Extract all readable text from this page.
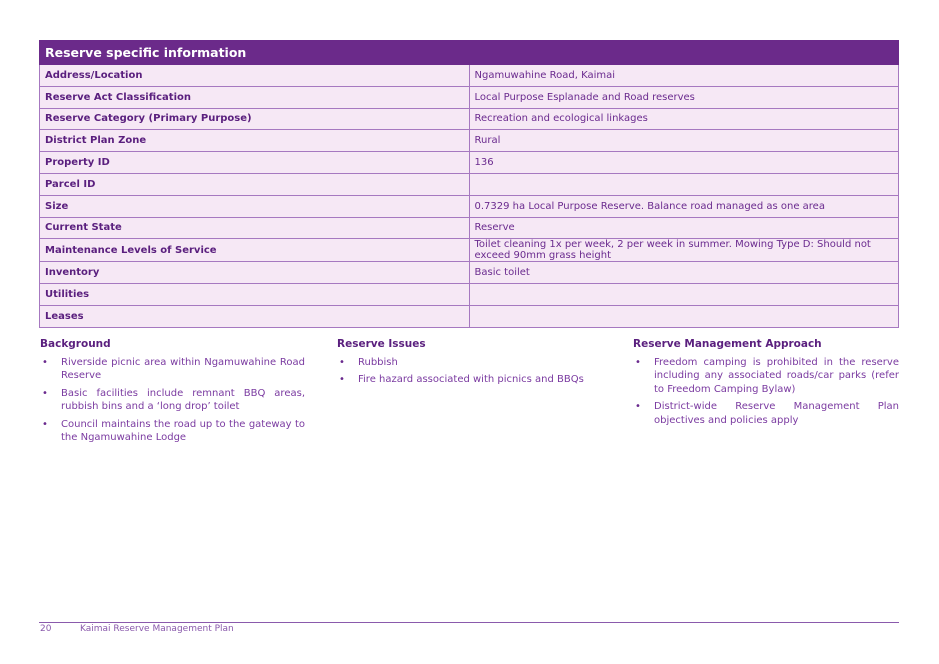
Reserve specific information	
Address/Location	Ngamuwahine Road, Kaimai
Reserve Act Classification	Local Purpose Esplanade and Road reserves
Reserve Category (Primary Purpose)	Recreation and ecological linkages
District Plan Zone	Rural
Property ID	136
Parcel ID	
Size	0.7329 ha Local Purpose Reserve. Balance road managed as one area
Current State	Reserve
Maintenance Levels of Service	Toilet cleaning 1x per week, 2 per week in summer. Mowing Type D: Should not exceed 90mm grass height
Inventory	Basic toilet
Utilities	
Leases	
Background
• Riverside picnic area within Ngamuwahine Road Reserve
• Basic facilities include remnant BBQ areas, rubbish bins and a ‘long drop’ toilet
• Council maintains the road up to the gateway to the Ngamuwahine Lodge
Reserve Issues
• Rubbish
• Fire hazard associated with picnics and BBQs
Reserve Management Approach
• Freedom camping is prohibited in the reserve including any associated roads/car parks (refer to Freedom Camping Bylaw)
• District-wide Reserve Management Plan objectives and policies apply
20	Kaimai Reserve Management Plan
